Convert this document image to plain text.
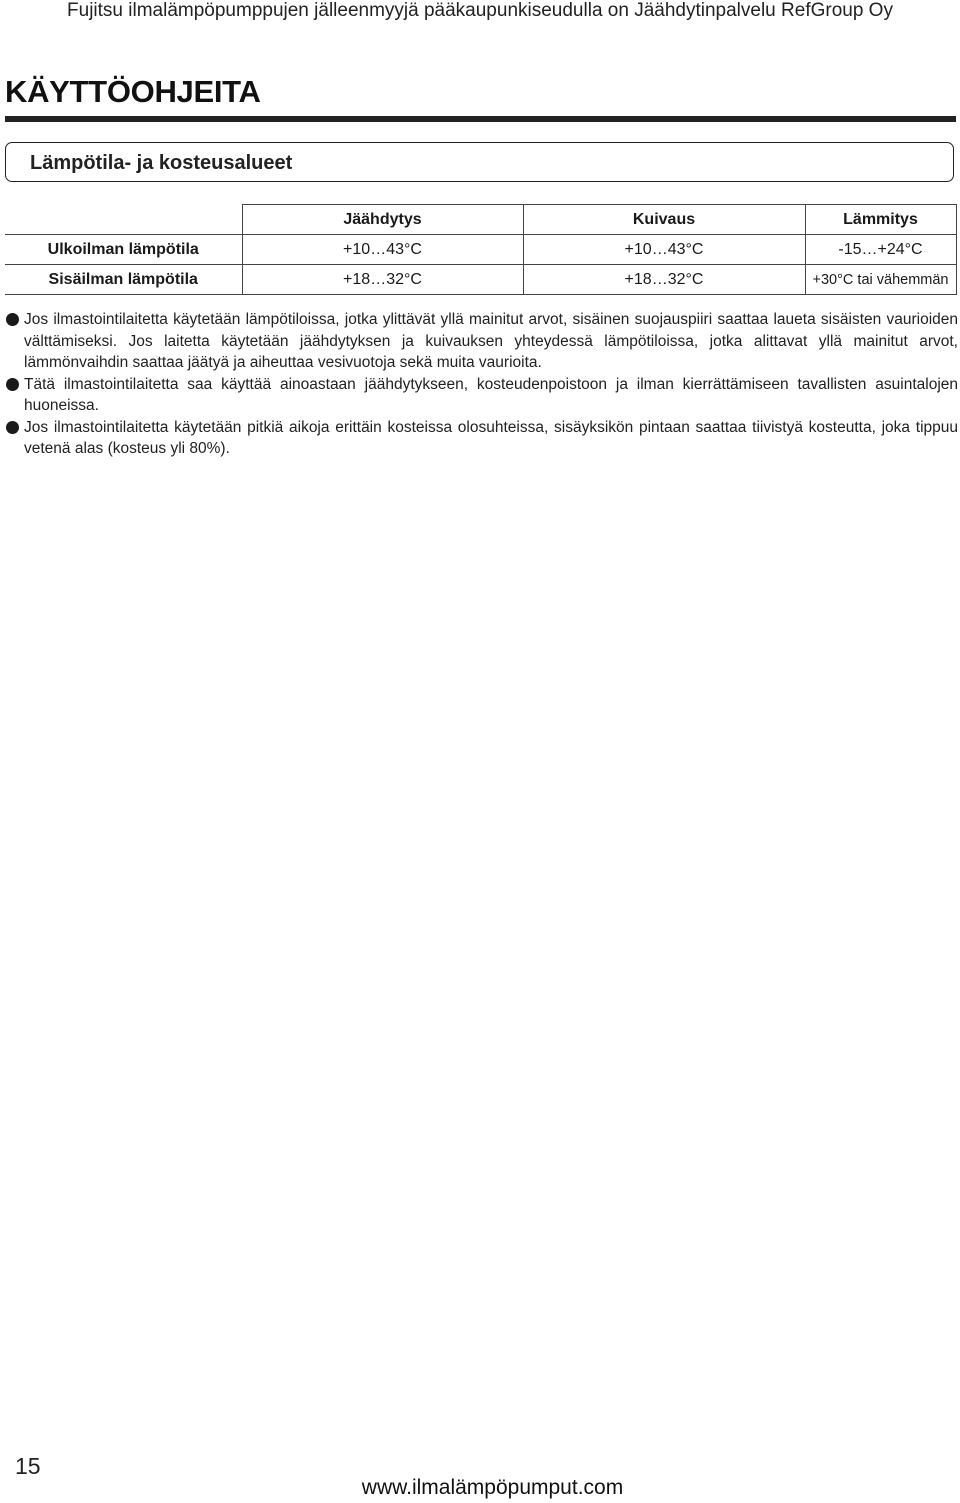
Fujitsu ilmalämpöpumppujen jälleenmyyjä pääkaupunkiseudulla on Jäähdytinpalvelu RefGroup Oy
KÄYTTÖOHJEITA
Lämpötila- ja kosteusalueet
	Jäähdytys	Kuivaus	Lämmitys
Ulkoilman lämpötila	+10…43°C	+10…43°C	-15…+24°C
Sisäilman lämpötila	+18…32°C	+18…32°C	+30°C tai vähemmän

Jos ilmastointilaitetta käytetään lämpötiloissa, jotka ylittävät yllä mainitut arvot, sisäinen suojauspiiri saattaa laueta sisäisten vaurioiden välttämiseksi. Jos laitetta käytetään jäähdytyksen ja kuivauksen yhteydessä lämpötiloissa, jotka alittavat yllä mainitut arvot, lämmönvaihdin saattaa jäätyä ja aiheuttaa vesivuotoja sekä muita vaurioita.

Tätä ilmastointilaitetta saa käyttää ainoastaan jäähdytykseen, kosteudenpoistoon ja ilman kierrättämiseen tavallisten asuintalojen huoneissa.

Jos ilmastointilaitetta käytetään pitkiä aikoja erittäin kosteissa olosuhteissa, sisäyksikön pintaan saattaa tiivistyä kosteutta, joka tippuu vetenä alas (kosteus yli 80%).

15
www.ilmalämpöpumput.com
